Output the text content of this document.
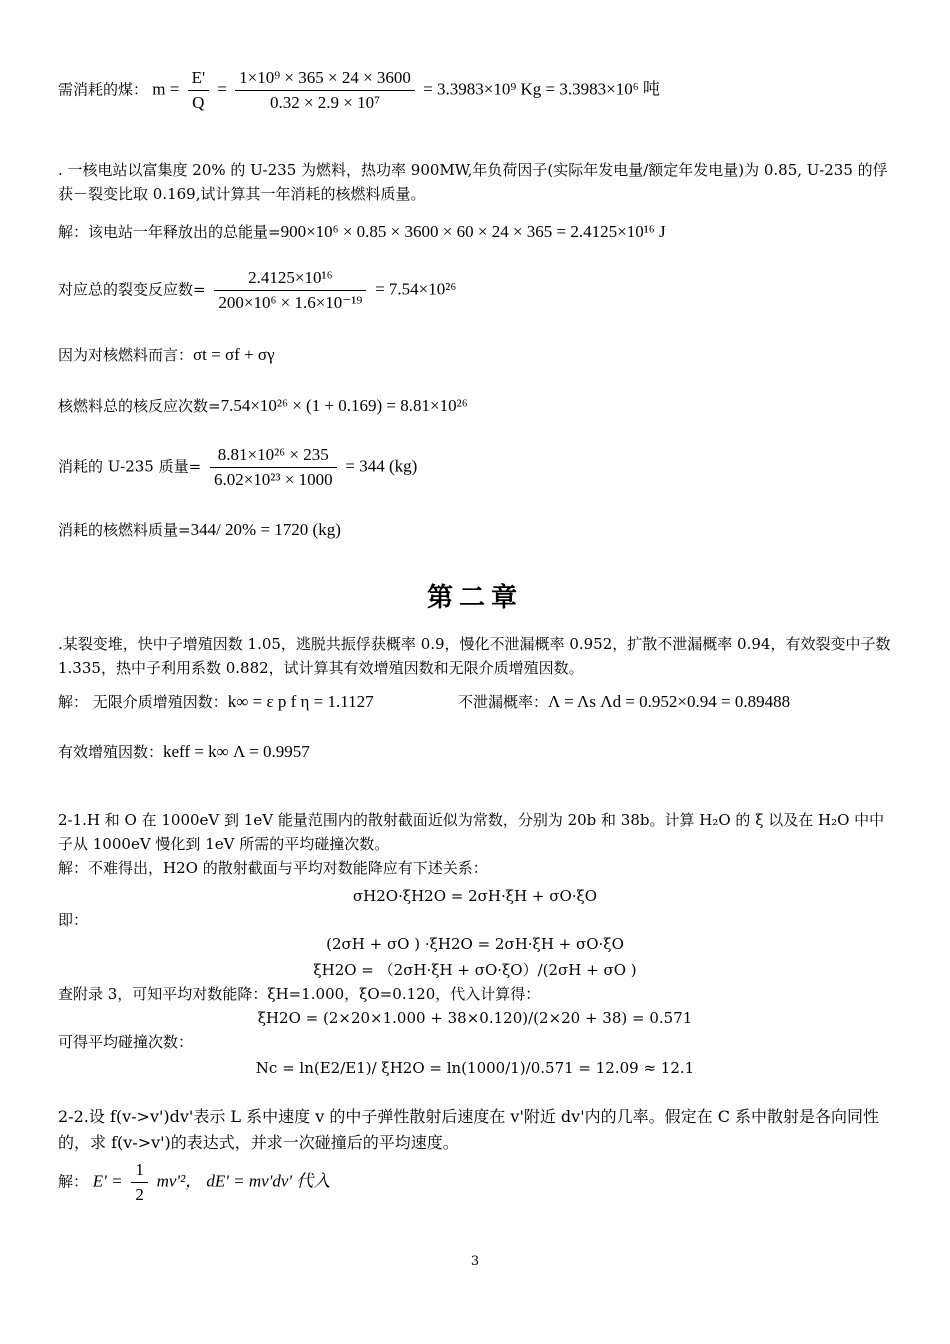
需消耗的煤： $m = \frac{E'}{Q} = \frac{\text{1×10⁹ × 365 × 24 × 3600}}{\text{0.32 × 2.9 × 10⁷}} = 3.3983\times 10^9$ Kg = 3.3983×10⁶ 吨
. 一核电站以富集度 20% 的 U-235 为燃料，热功率 900MW,年负荷因子(实际年发电量/额定年发电量)为 0.85, U-235 的俘获－裂变比取 0.169,试计算其一年消耗的核燃料质量。
解：该电站一年释放出的总能量=900×10⁶ × 0.85 × 3600 × 60 × 24 × 365 = 2.4125×10¹⁶ J
对应总的裂变反应数= $\frac{\text{2.4125×10¹⁶}}{\text{200×10⁶ × 1.6×10⁻¹⁹}} = 7.54\times 10^{26}$
因为对核燃料而言：σt = σf + σγ
核燃料总的核反应次数=7.54×10²⁶ × (1 + 0.169) = 8.81×10²⁶
消耗的 U-235 质量= $\frac{\text{8.81×10²⁶ × 235}}{\text{6.02×10²³ × 1000}} = 344$ (kg)
消耗的核燃料质量=344/ 20% = 1720 (kg)
第二章
.某裂变堆，快中子增殖因数 1.05，逃脱共振俘获概率 0.9，慢化不泄漏概率 0.952，扩散不泄漏概率 0.94，有效裂变中子数 1.335，热中子利用系数 0.882，试计算其有效增殖因数和无限介质增殖因数。
解： 无限介质增殖因数：k∞ = ε p f η = 1.1127	不泄漏概率：Λ = Λs Λd = 0.952×0.94 = 0.89488
有效增殖因数：keff = k∞ Λ = 0.9957
2-1.H 和 O 在 1000eV 到 1eV 能量范围内的散射截面近似为常数，分别为 20b 和 38b。计算 H₂O 的 ξ 以及在 H₂O 中中子从 1000eV 慢化到 1eV 所需的平均碰撞次数。
解：不难得出，H2O 的散射截面与平均对数能降应有下述关系：
σH2O·ξH2O = 2σH·ξH + σO·ξO
即：
(2σH + σO ) ·ξH2O = 2σH·ξH + σO·ξO
ξH2O = （2σH·ξH + σO·ξO）/(2σH + σO )
查附录 3，可知平均对数能降：ξH=1.000，ξO=0.120，代入计算得：
ξH2O = (2×20×1.000 + 38×0.120)/(2×20 + 38) = 0.571
可得平均碰撞次数：
Nc = ln(E2/E1)/ ξH2O = ln(1000/1)/0.571 = 12.09 ≈ 12.1
2-2.设 f(v->v')dv'表示 L 系中速度 v 的中子弹性散射后速度在 v'附近 dv'内的几率。假定在 C 系中散射是各向同性的，求 f(v->v')的表达式，并求一次碰撞后的平均速度。
解： $E' = \frac{1}{2} mv'^2$， dE' = mv'dv' 代入
3
